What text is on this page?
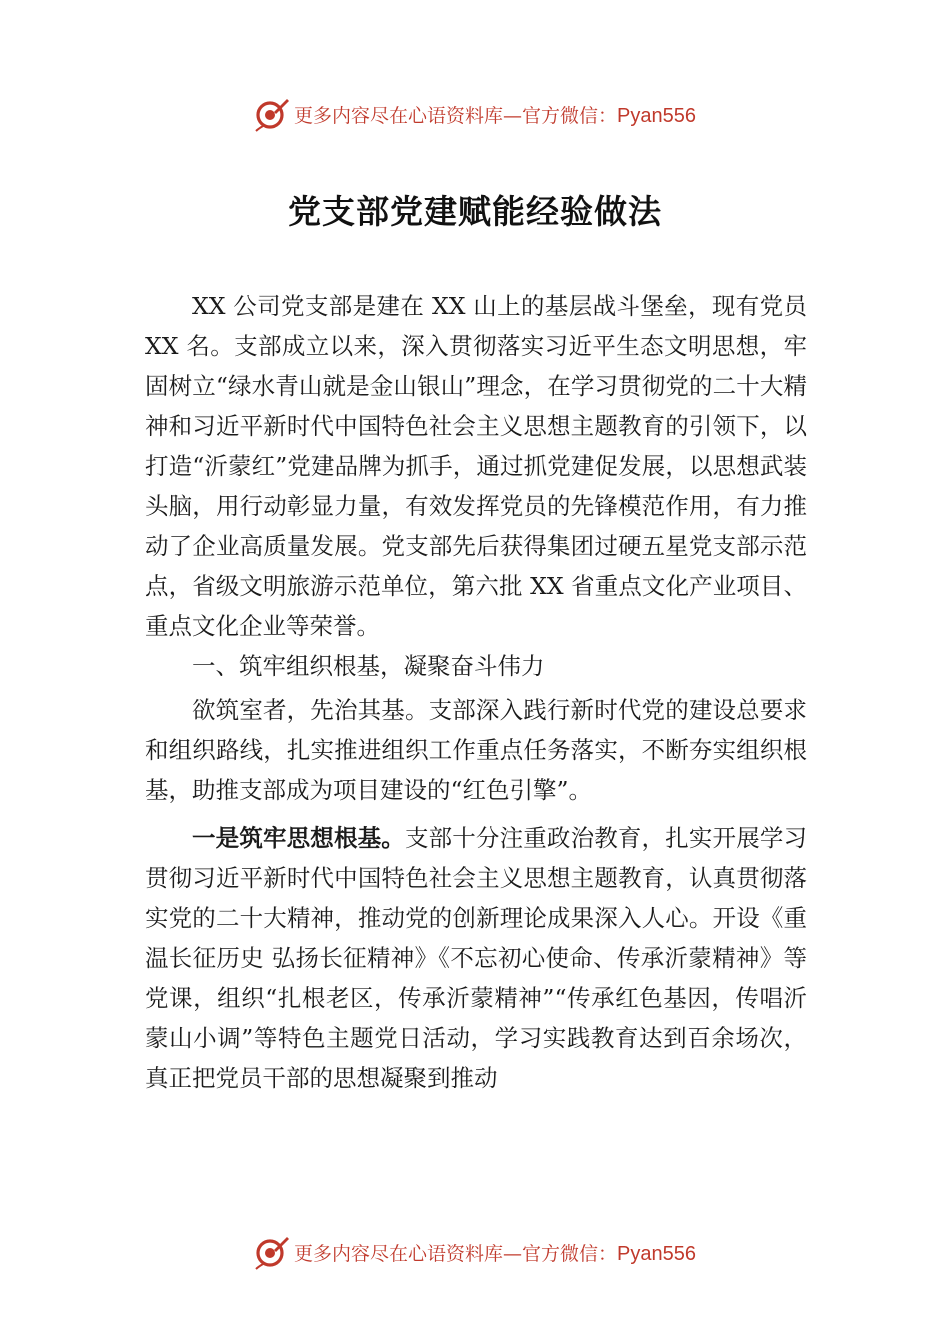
更多内容尽在心语资料库—官方微信：Pyan556
党支部党建赋能经验做法

XX 公司党支部是建在 XX 山上的基层战斗堡垒，现有党员 XX 名。支部成立以来，深入贯彻落实习近平生态文明思想，牢固树立“绿水青山就是金山银山”理念，在学习贯彻党的二十大精神和习近平新时代中国特色社会主义思想主题教育的引领下，以打造“沂蒙红”党建品牌为抓手，通过抓党建促发展，以思想武装头脑，用行动彰显力量，有效发挥党员的先锋模范作用，有力推动了企业高质量发展。党支部先后获得集团过硬五星党支部示范点，省级文明旅游示范单位，第六批 XX 省重点文化产业项目、重点文化企业等荣誉。

一、筑牢组织根基，凝聚奋斗伟力

欲筑室者，先治其基。支部深入践行新时代党的建设总要求和组织路线，扎实推进组织工作重点任务落实，不断夯实组织根基，助推支部成为项目建设的“红色引擎”。

一是筑牢思想根基。支部十分注重政治教育，扎实开展学习贯彻习近平新时代中国特色社会主义思想主题教育，认真贯彻落实党的二十大精神，推动党的创新理论成果深入人心。开设《重温长征历史 弘扬长征精神》《不忘初心使命、传承沂蒙精神》等党课，组织“扎根老区，传承沂蒙精神”“传承红色基因，传唱沂蒙山小调”等特色主题党日活动，学习实践教育达到百余场次，真正把党员干部的思想凝聚到推动

更多内容尽在心语资料库—官方微信：Pyan556
